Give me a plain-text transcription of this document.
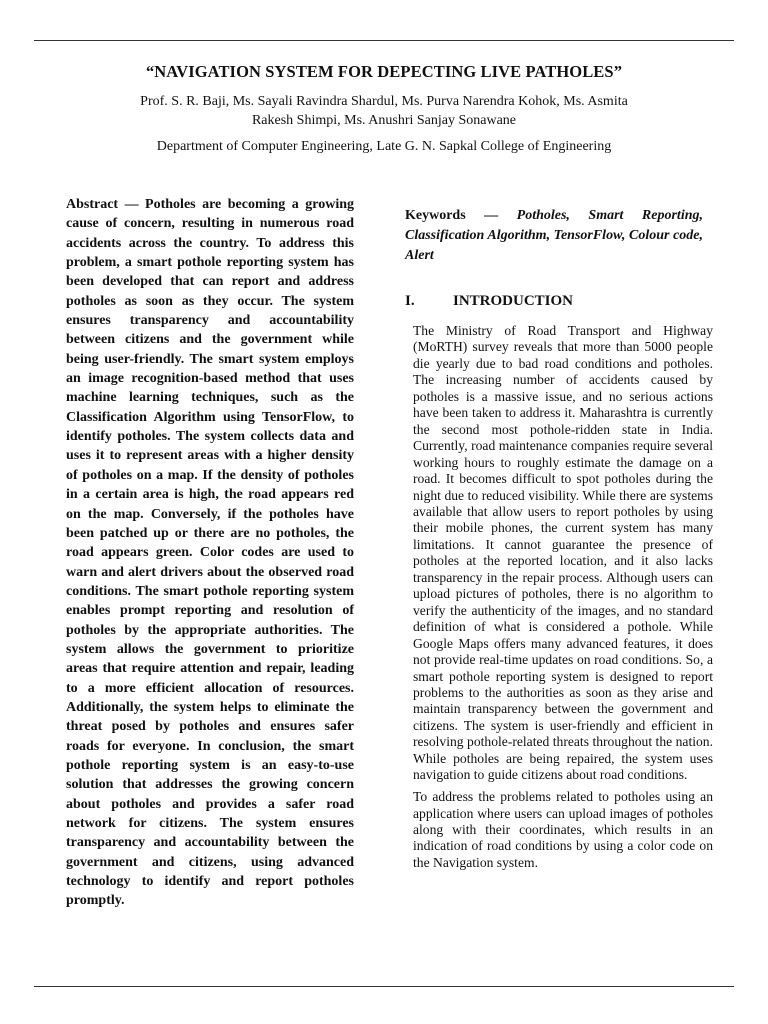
“NAVIGATION SYSTEM FOR DEPECTING LIVE PATHOLES”
Prof. S. R. Baji, Ms. Sayali Ravindra Shardul, Ms. Purva Narendra Kohok, Ms. Asmita
Rakesh Shimpi, Ms. Anushri Sanjay Sonawane
Department of Computer Engineering, Late G. N. Sapkal College of Engineering

Abstract — Potholes are becoming a growing cause of concern, resulting in numerous road accidents across the country. To address this problem, a smart pothole reporting system has been developed that can report and address potholes as soon as they occur. The system ensures transparency and accountability between citizens and the government while being user-friendly. The smart system employs an image recognition-based method that uses machine learning techniques, such as the Classification Algorithm using TensorFlow, to identify potholes. The system collects data and uses it to represent areas with a higher density of potholes on a map. If the density of potholes in a certain area is high, the road appears red on the map. Conversely, if the potholes have been patched up or there are no potholes, the road appears green. Color codes are used to warn and alert drivers about the observed road conditions. The smart pothole reporting system enables prompt reporting and resolution of potholes by the appropriate authorities. The system allows the government to prioritize areas that require attention and repair, leading to a more efficient allocation of resources. Additionally, the system helps to eliminate the threat posed by potholes and ensures safer roads for everyone. In conclusion, the smart pothole reporting system is an easy-to-use solution that addresses the growing concern about potholes and provides a safer road network for citizens. The system ensures transparency and accountability between the government and citizens, using advanced technology to identify and report potholes promptly.

Keywords — Potholes, Smart Reporting, Classification Algorithm, TensorFlow, Colour code, Alert

I.	INTRODUCTION

The Ministry of Road Transport and Highway (MoRTH) survey reveals that more than 5000 people die yearly due to bad road conditions and potholes. The increasing number of accidents caused by potholes is a massive issue, and no serious actions have been taken to address it. Maharashtra is currently the second most pothole-ridden state in India. Currently, road maintenance companies require several working hours to roughly estimate the damage on a road. It becomes difficult to spot potholes during the night due to reduced visibility. While there are systems available that allow users to report potholes by using their mobile phones, the current system has many limitations. It cannot guarantee the presence of potholes at the reported location, and it also lacks transparency in the repair process. Although users can upload pictures of potholes, there is no algorithm to verify the authenticity of the images, and no standard definition of what is considered a pothole. While Google Maps offers many advanced features, it does not provide real-time updates on road conditions. So, a smart pothole reporting system is designed to report problems to the authorities as soon as they arise and maintain transparency between the government and citizens. The system is user-friendly and efficient in resolving pothole-related threats throughout the nation. While potholes are being repaired, the system uses navigation to guide citizens about road conditions.

To address the problems related to potholes using an application where users can upload images of potholes along with their coordinates, which results in an indication of road conditions by using a color code on the Navigation system.
